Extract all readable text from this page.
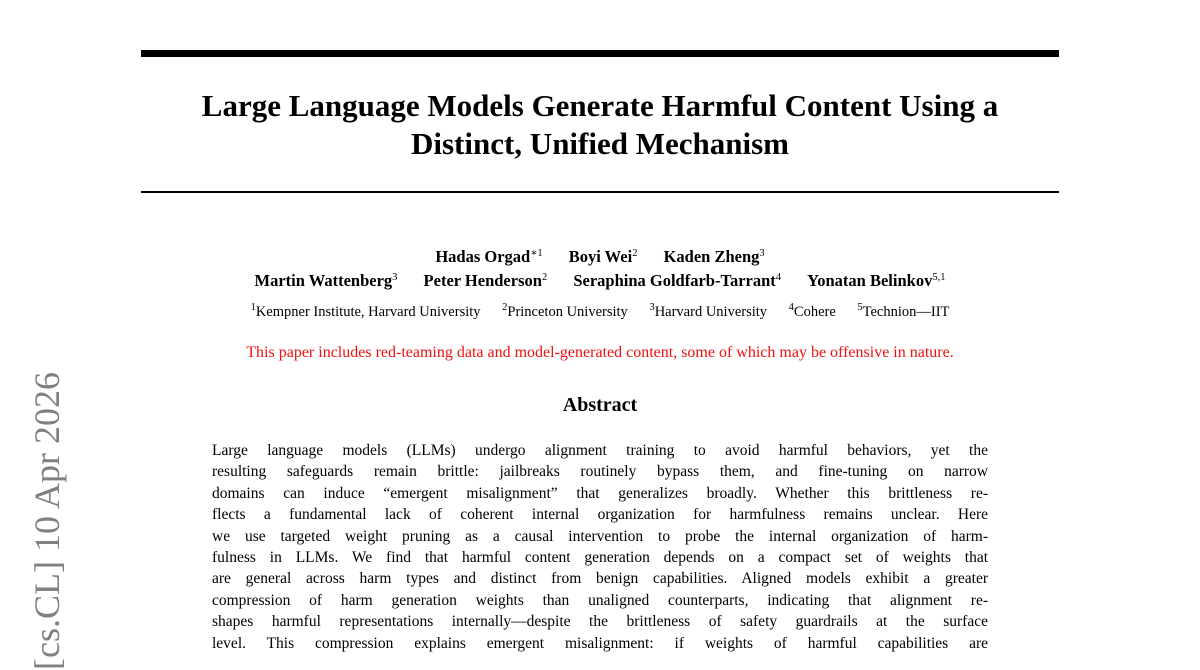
[cs.CL] 10 Apr 2026
Large Language Models Generate Harmful Content Using a
Distinct, Unified Mechanism
Hadas Orgad$^{∗1}$ Boyi Wei$^2$ Kaden Zheng$^3$
Martin Wattenberg$^3$ Peter Henderson$^2$ Seraphina Goldfarb-Tarrant$^4$ Yonatan Belinkov$^{5,1}$
$^1$Kempner Institute, Harvard University $^2$Princeton University $^3$Harvard University $^4$Cohere $^5$Technion—IIT
This paper includes red-teaming data and model-generated content, some of which may be offensive in nature.
Abstract
Large language models (LLMs) undergo alignment training to avoid harmful behaviors, yet the
resulting safeguards remain brittle: jailbreaks routinely bypass them, and fine-tuning on narrow
domains can induce “emergent misalignment” that generalizes broadly. Whether this brittleness re-
flects a fundamental lack of coherent internal organization for harmfulness remains unclear. Here
we use targeted weight pruning as a causal intervention to probe the internal organization of harm-
fulness in LLMs. We find that harmful content generation depends on a compact set of weights that
are general across harm types and distinct from benign capabilities. Aligned models exhibit a greater
compression of harm generation weights than unaligned counterparts, indicating that alignment re-
shapes harmful representations internally—despite the brittleness of safety guardrails at the surface
level. This compression explains emergent misalignment: if weights of harmful capabilities are
